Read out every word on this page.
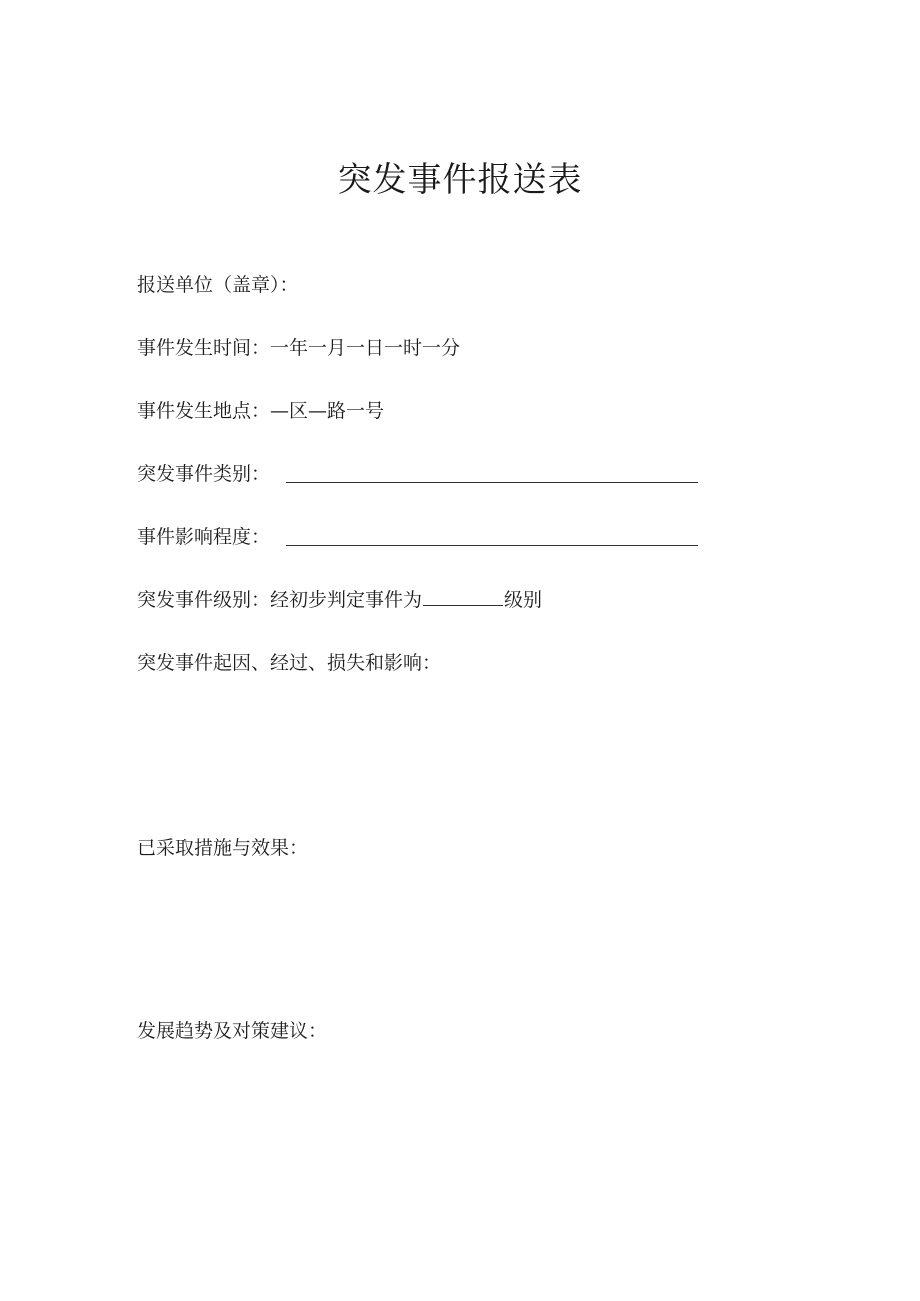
突发事件报送表
报送单位（盖章）：
事件发生时间：一年一月一日一时一分
事件发生地点：—区—路一号
突发事件类别：
事件影响程度：
突发事件级别：经初步判定事件为	级别
突发事件起因、经过、损失和影响：
已采取措施与效果：
发展趋势及对策建议：
